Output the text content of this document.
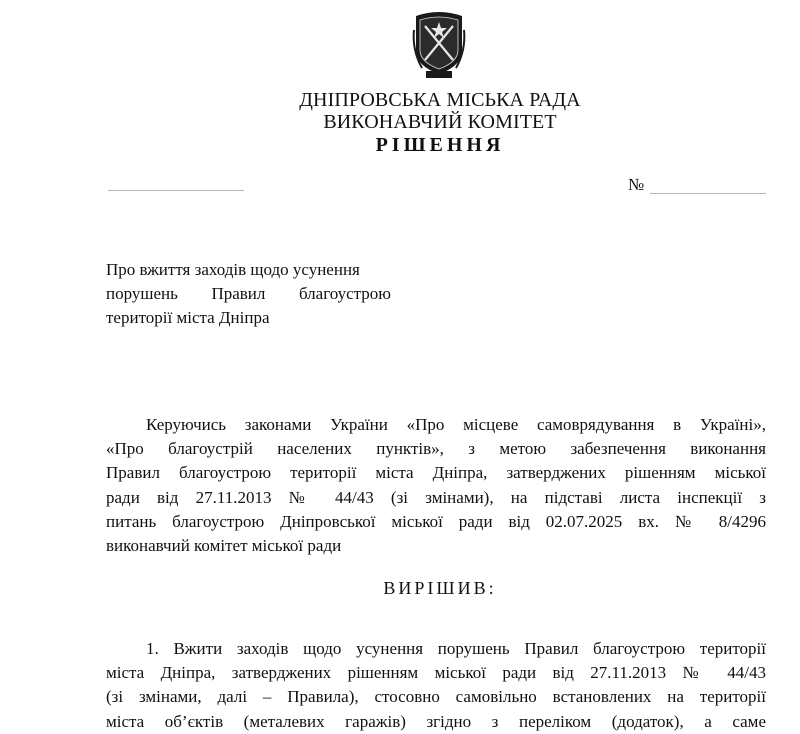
ДНІПРОВСЬКА МІСЬКА РАДА
ВИКОНАВЧИЙ КОМІТЕТ
РІШЕННЯ
№
Про вжиття заходів щодо усунення
порушень Правил благоустрою
території міста Дніпра
Керуючись законами України «Про місцеве самоврядування в Україні»,
«Про благоустрій населених пунктів», з метою забезпечення виконання
Правил благоустрою території міста Дніпра, затверджених рішенням міської
ради від 27.11.2013 № 44/43 (зі змінами), на підставі листа інспекції з
питань благоустрою Дніпровської міської ради від 02.07.2025 вх. № 8/4296
виконавчий комітет міської ради
ВИРІШИВ:
1. Вжити заходів щодо усунення порушень Правил благоустрою території
міста Дніпра, затверджених рішенням міської ради від 27.11.2013 № 44/43
(зі змінами, далі – Правила), стосовно самовільно встановлених на території
міста об’єктів (металевих гаражів) згідно з переліком (додаток), а саме
